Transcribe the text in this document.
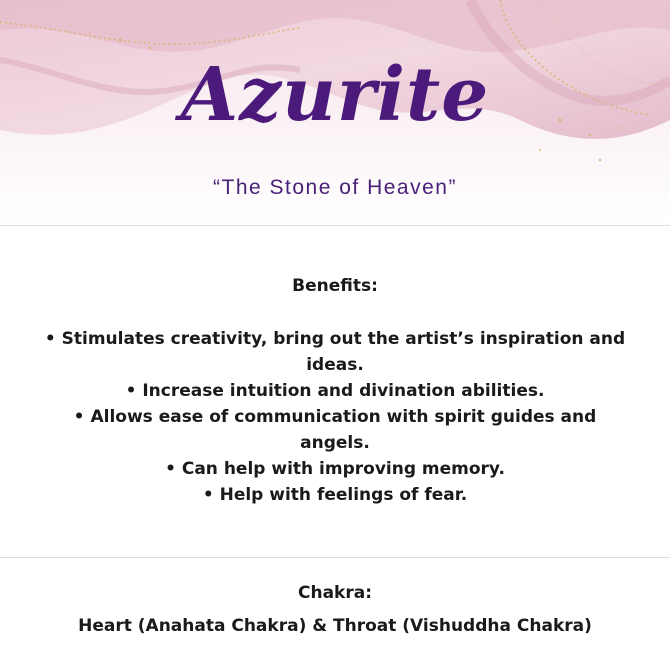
Azurite
“The Stone of Heaven”
Benefits:
• Stimulates creativity, bring out the artist’s inspiration and ideas.
• Increase intuition and divination abilities.
• Allows ease of communication with spirit guides and angels.
• Can help with improving memory.
• Help with feelings of fear.
Chakra:
Heart (Anahata Chakra) & Throat (Vishuddha Chakra)
